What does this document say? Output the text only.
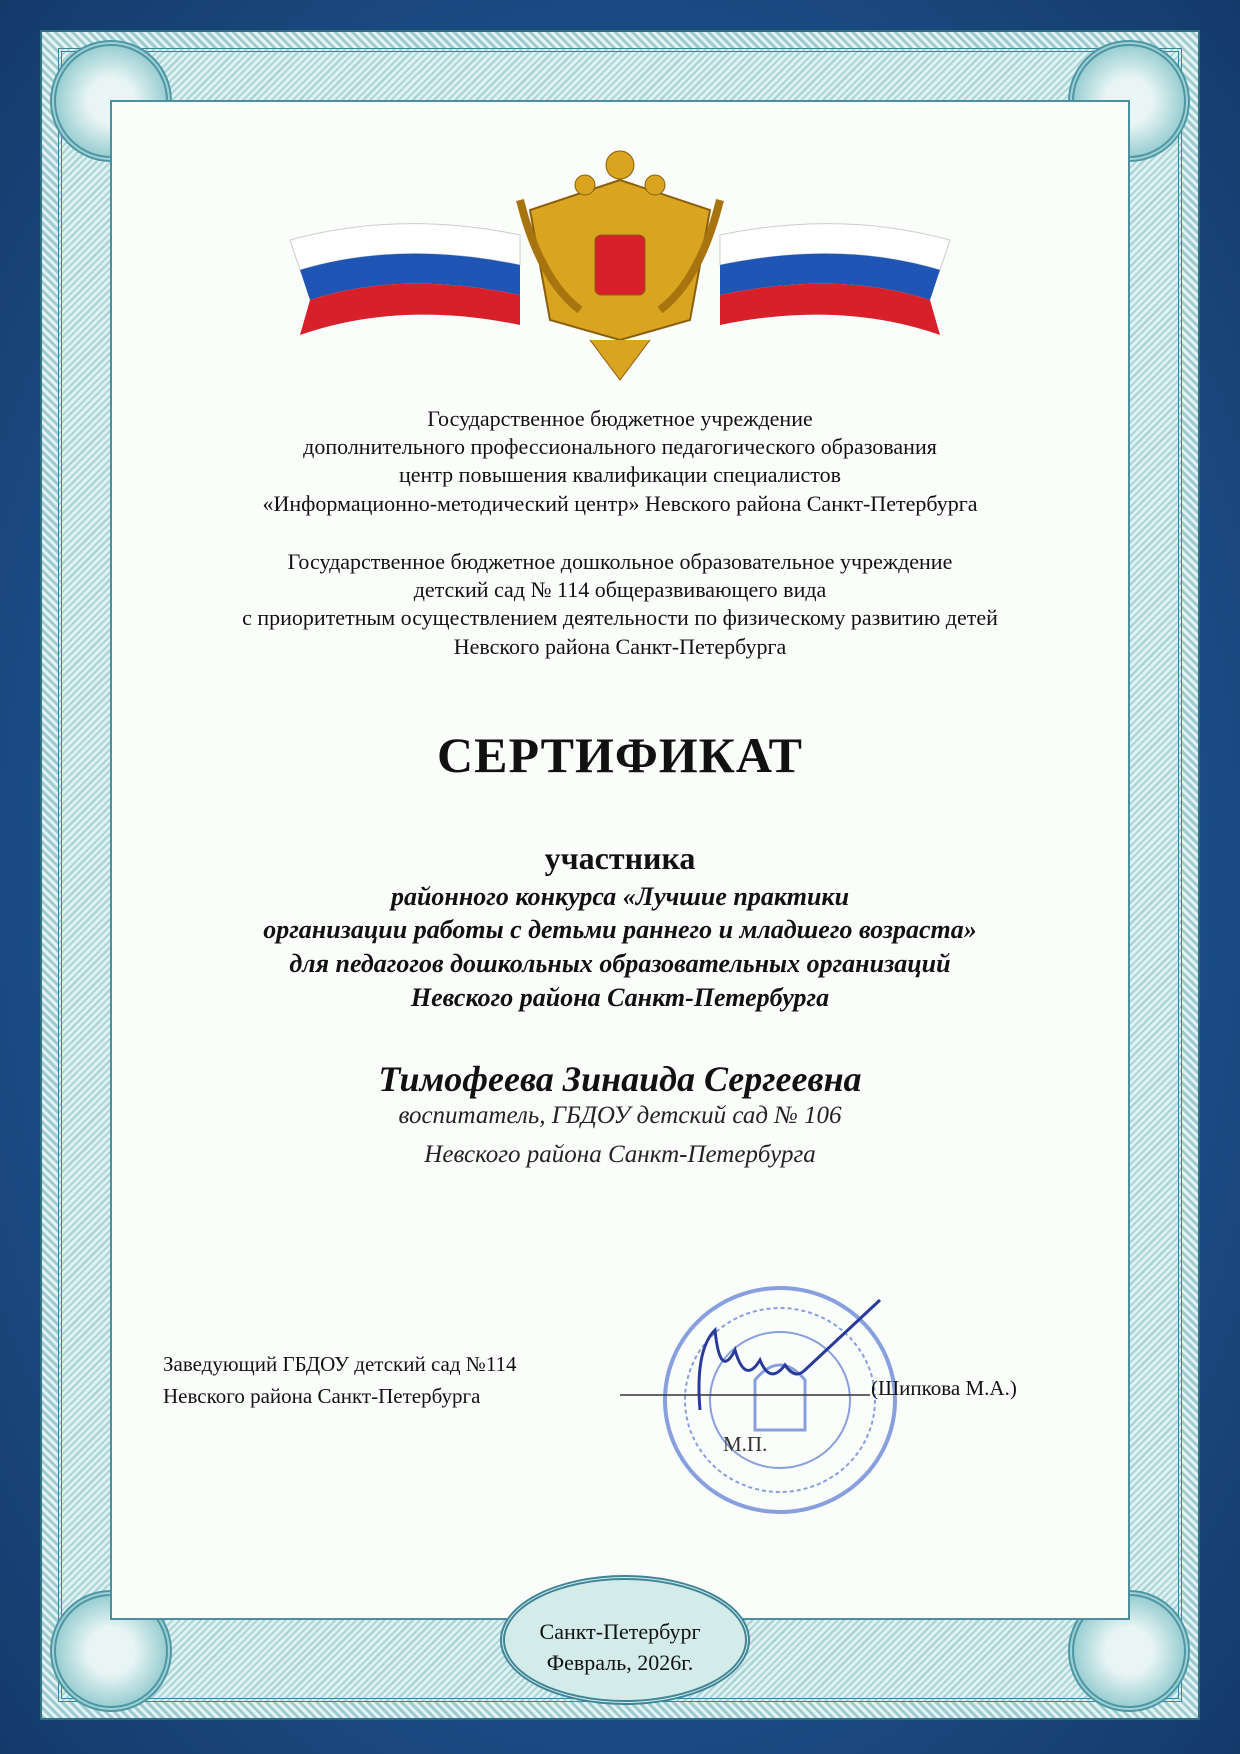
Государственное бюджетное учреждение
дополнительного профессионального педагогического образования
центр повышения квалификации специалистов
«Информационно-методический центр» Невского района Санкт-Петербурга
Государственное бюджетное дошкольное образовательное учреждение
детский сад № 114 общеразвивающего вида
с приоритетным осуществлением деятельности по физическому развитию детей
Невского района Санкт-Петербурга
СЕРТИФИКАТ
участника
районного конкурса «Лучшие практики
организации работы с детьми раннего и младшего возраста»
для педагогов дошкольных образовательных организаций
Невского района Санкт-Петербурга
Тимофеева Зинаида Сергеевна
воспитатель, ГБДОУ детский сад № 106
Невского района Санкт-Петербурга
Заведующий ГБДОУ детский сад №114
Невского района Санкт-Петербурга	(Шипкова М.А.)
М.П.
Санкт-Петербург
Февраль, 2026г.
